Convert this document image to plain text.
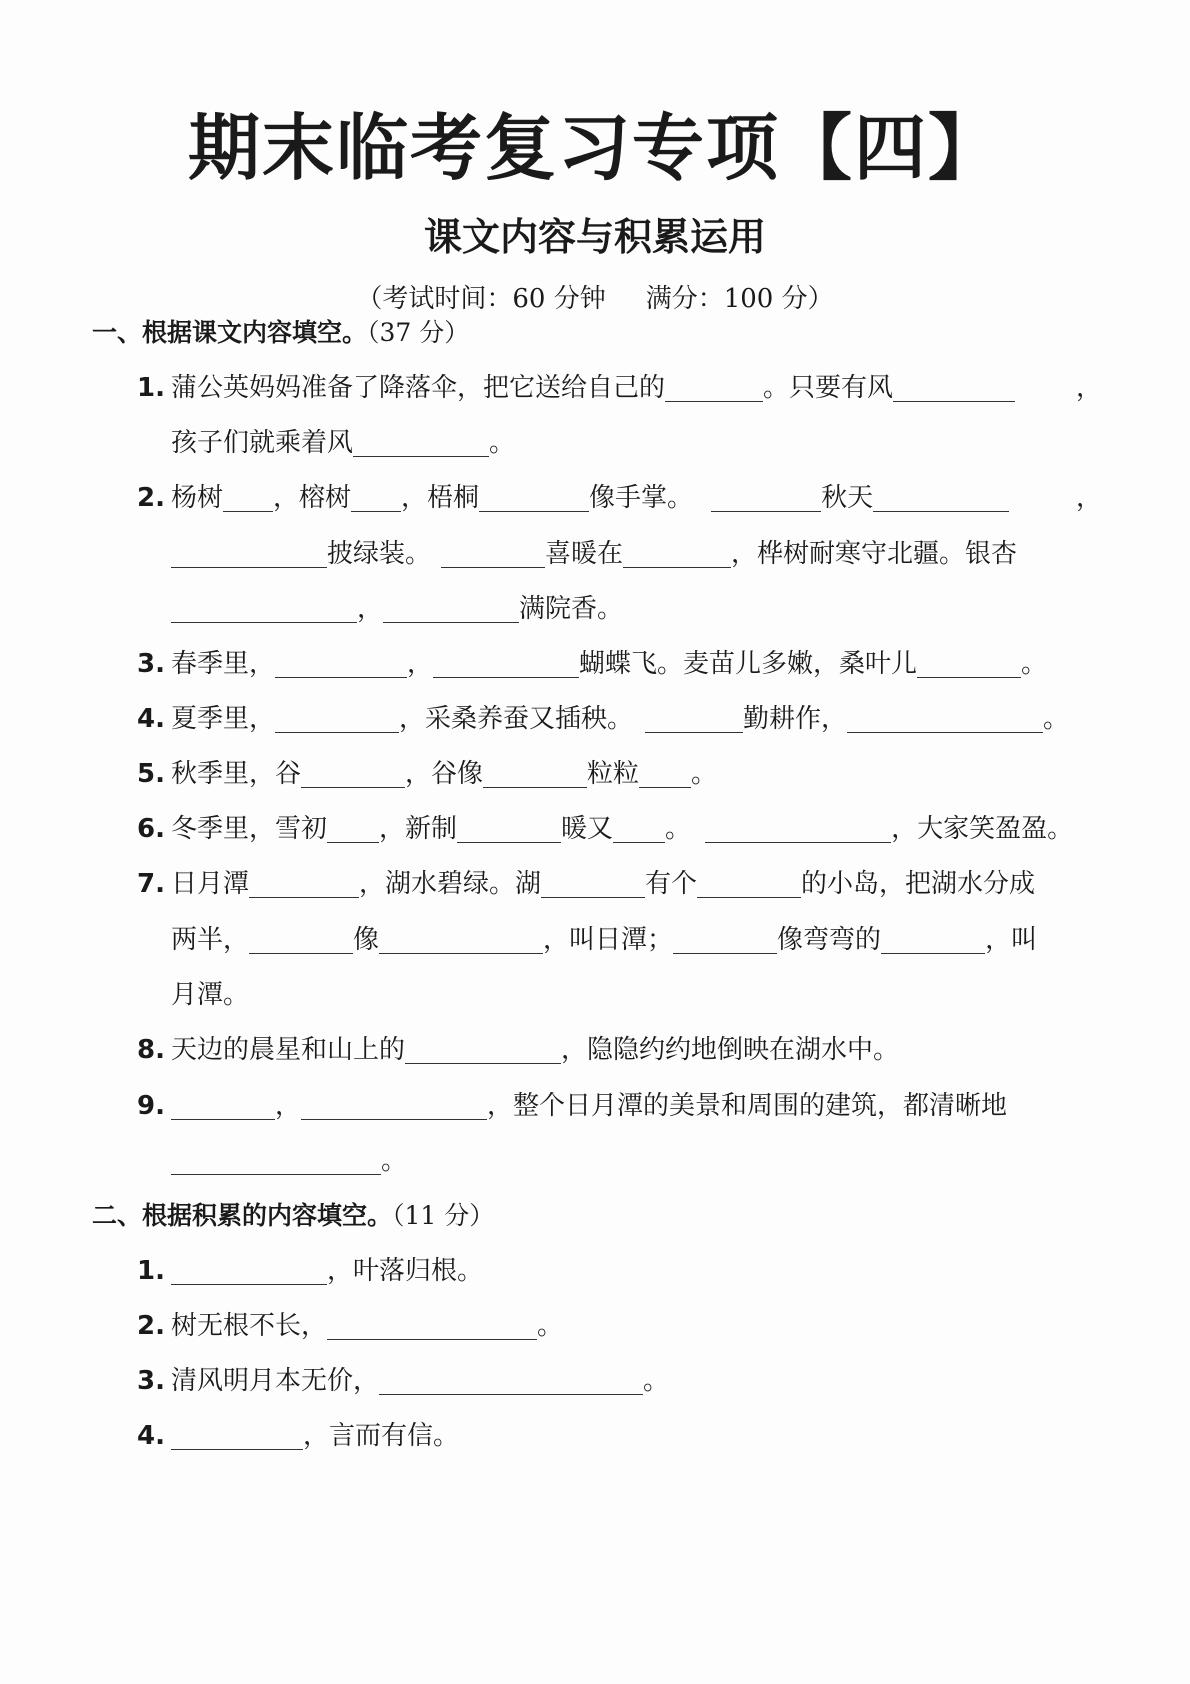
期末临考复习专项【四】
课文内容与积累运用
（考试时间：60 分钟 满分：100 分）
一、根据课文内容填空。（37 分）
1. 蒲公英妈妈准备了降落伞，把它送给自己的	。只要有风	，
孩子们就乘着风	。
2. 杨树 ，榕树 ，梧桐	像手掌。	秋天	，
披绿装。	喜暖在	，桦树耐寒守北疆。银杏
，	满院香。
3. 春季里，	，	蝴蝶飞。麦苗儿多嫩，桑叶儿	。
4. 夏季里，	，采桑养蚕又插秧。	勤耕作，	。
5. 秋季里，谷	，谷像	粒粒 。
6. 冬季里，雪初 ，新制	暖又 。	，大家笑盈盈。
7. 日月潭	，湖水碧绿。湖	有个	的小岛，把湖水分成
两半，	像	，叫日潭；	像弯弯的	，叫
月潭。
8. 天边的晨星和山上的	，隐隐约约地倒映在湖水中。
9.	，	，整个日月潭的美景和周围的建筑，都清晰地
。
二、根据积累的内容填空。（11 分）
1.	，叶落归根。
2. 树无根不长，	。
3. 清风明月本无价，	。
4.	，言而有信。
